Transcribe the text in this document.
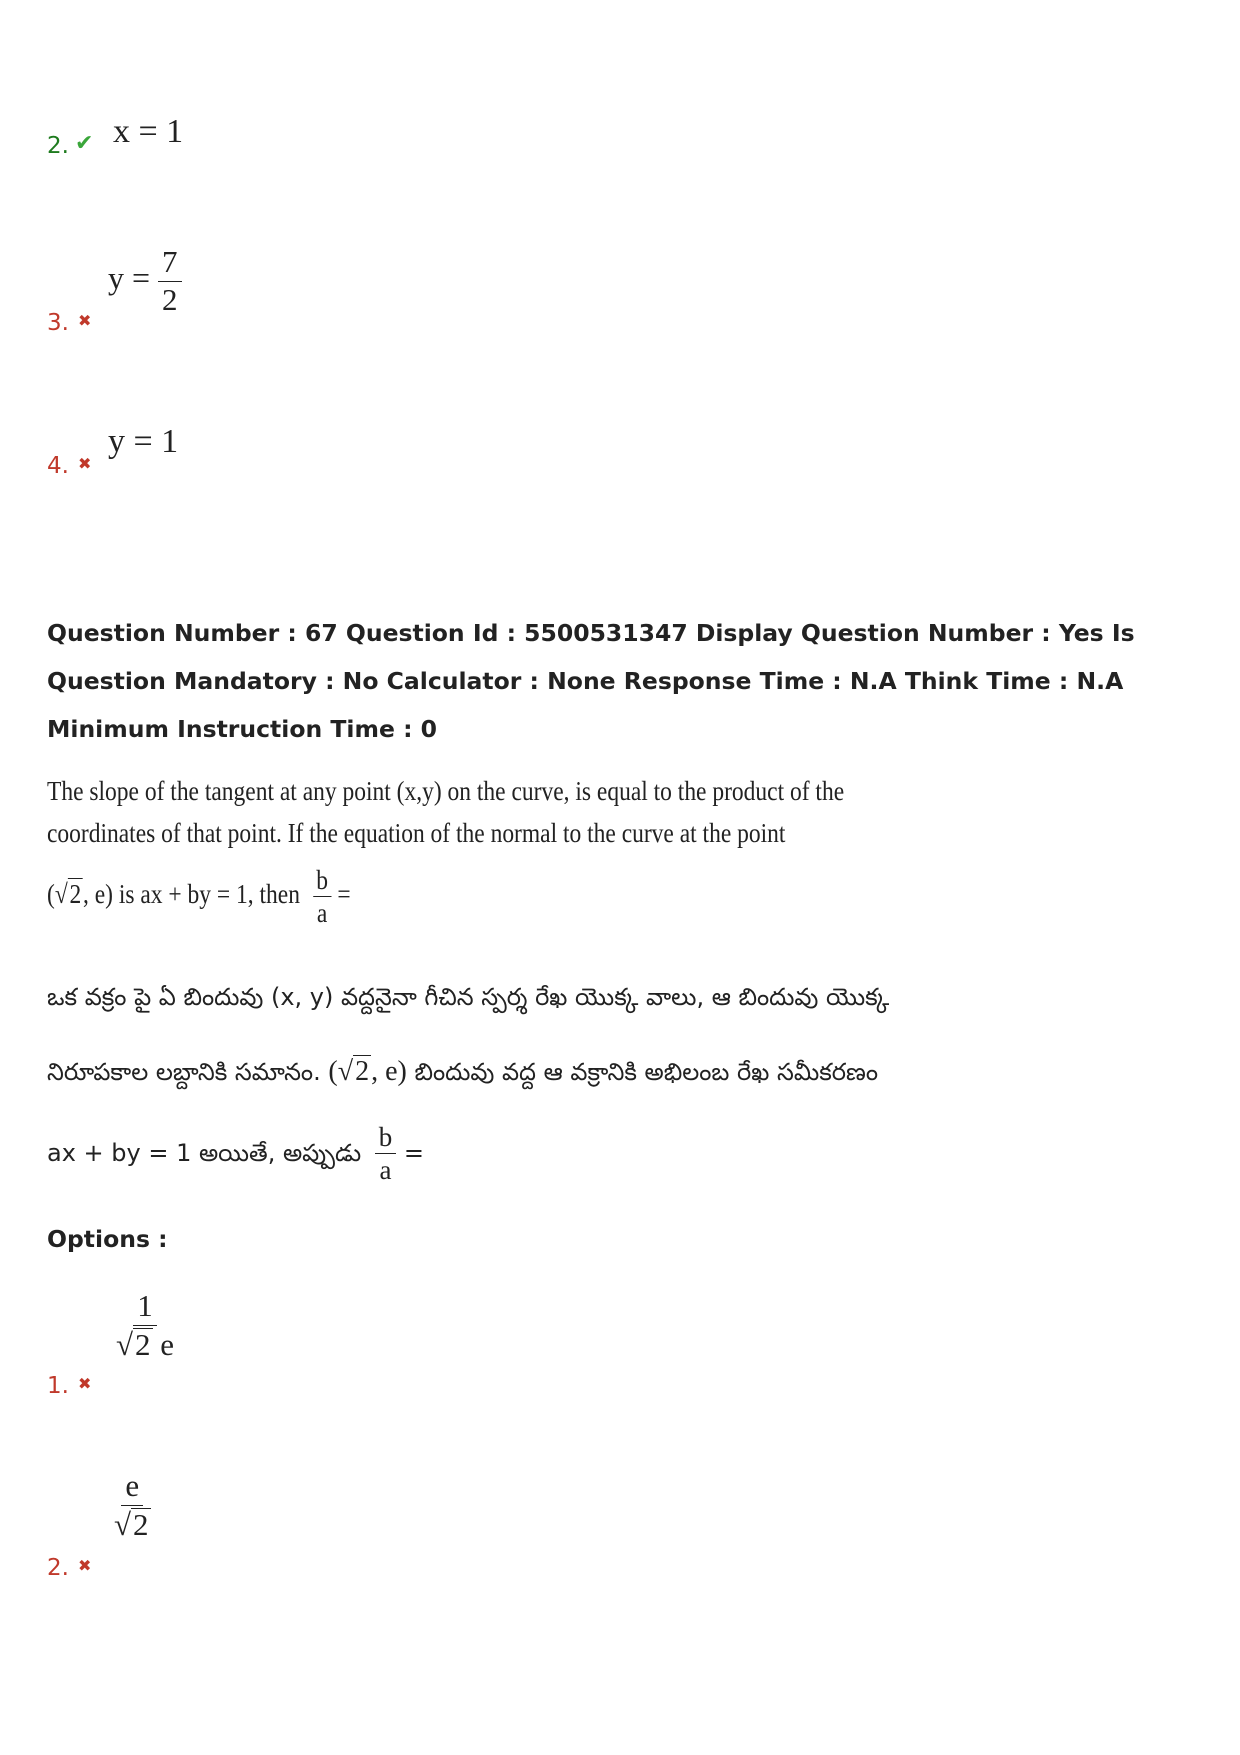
2. ✔ x = 1
3. ✖
$y = \frac{7}{2}$
4. ✖
y = 1
Question Number : 67 Question Id : 5500531347 Display Question Number : Yes Is Question Mandatory : No Calculator : None Response Time : N.A Think Time : N.A Minimum Instruction Time : 0
The slope of the tangent at any point (x,y) on the curve, is equal to the product of the
coordinates of that point. If the equation of the normal to the curve at the point
( √ 2 , e) is ax + by = 1, then $\frac{b}{a}$ =
ఒక వక్రం పై ఏ బిందువు (x, y) వద్దనైనా గీచిన స్పర్శ రేఖ యొక్క వాలు, ఆ బిందువు యొక్క
నిరూపకాల లబ్దానికి సమానం. ( √ 2 , e) బిందువు వద్ద ఆ వక్రానికి అభిలంబ రేఖ సమీకరణం
ax + by = 1 అయితే, అప్పుడు $\frac{b}{a}$ =
Options :
1. ✖
$\frac{1}{√ 2 e}$
2. ✖
$\frac{e}{√ 2}$
